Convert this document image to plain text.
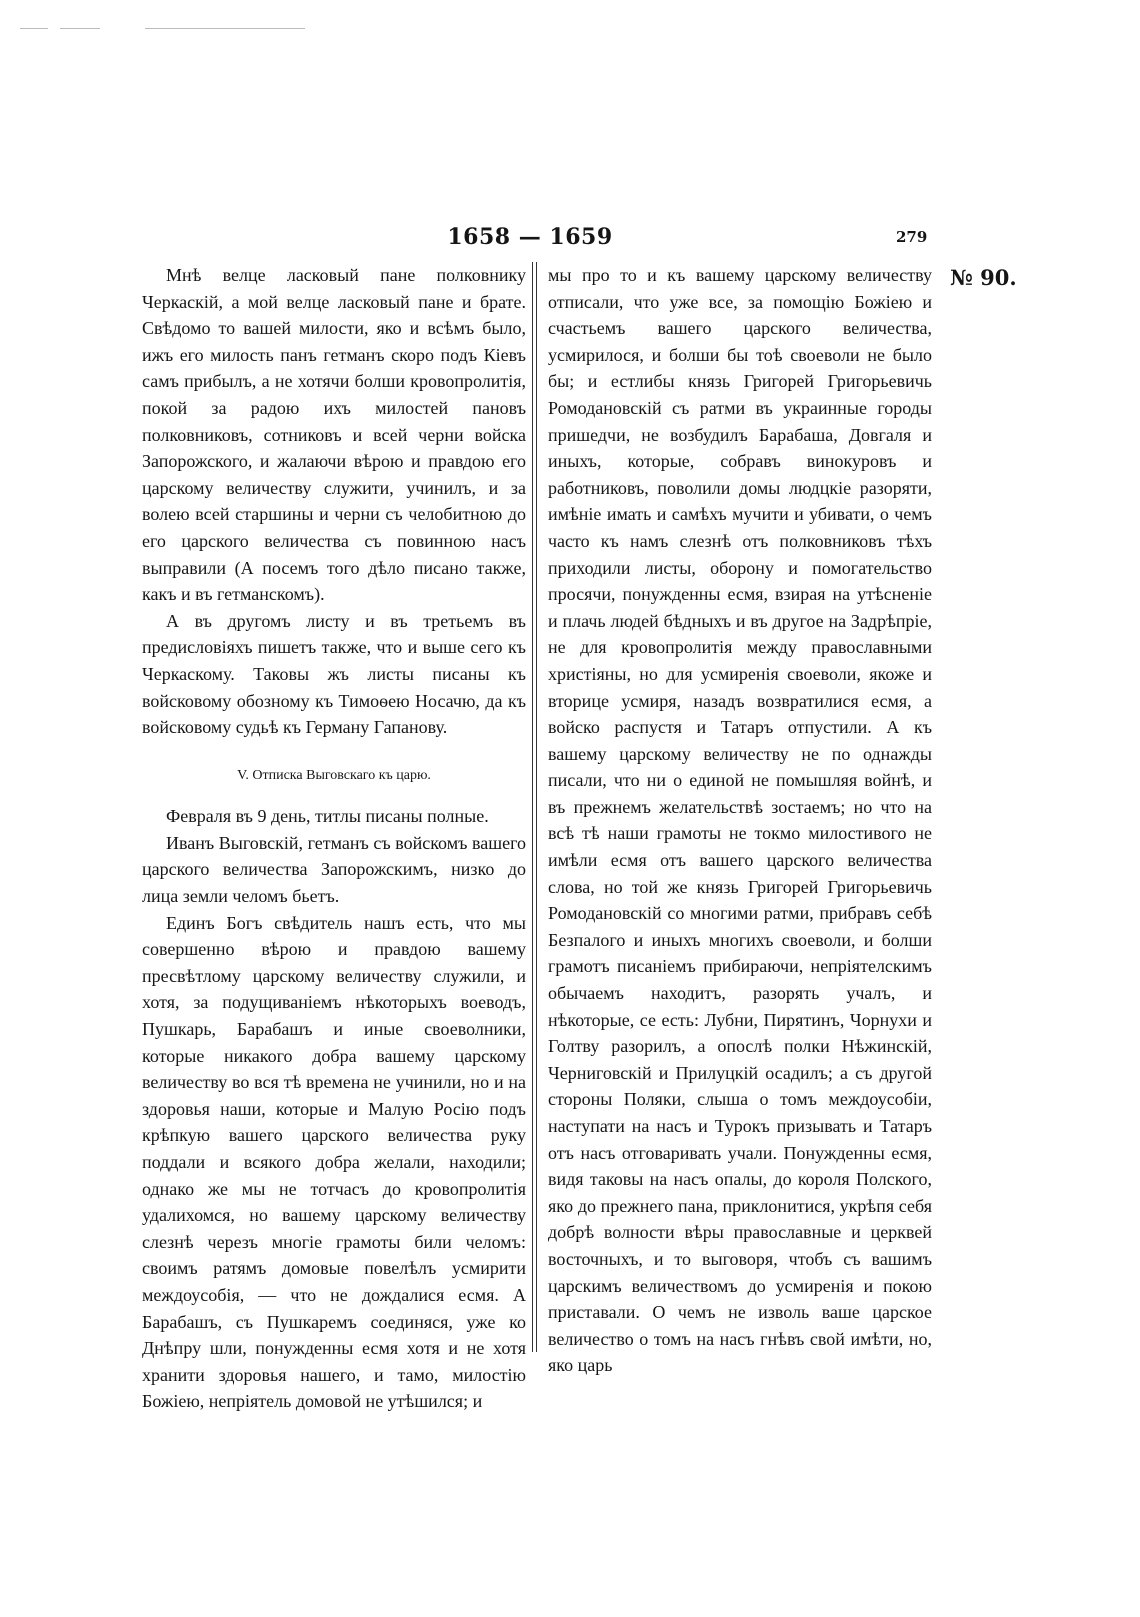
1658 — 1659	279
№ 90.

Мнѣ велце ласковый пане полковнику Черкаскій, а мой велце ласковый пане и брате. Свѣдомо то вашей милости, яко и всѣмъ было, ижъ его милость панъ гетманъ скоро подъ Кіевъ самъ прибылъ, а не хотячи болши кровопролитія, покой за радою ихъ милостей пановъ полковниковъ, сотниковъ и всей черни войска Запорожского, и жалаючи вѣрою и правдою его царскому величеству служити, учинилъ, и за волею всей старшины и черни съ челобитною до его царского величества съ повинною насъ выправили (А посемъ того дѣло писано также, какъ и въ гетманскомъ).

А въ другомъ листу и въ третьемъ въ предисловіяхъ пишетъ также, что и выше сего къ Черкаскому. Таковы жъ листы писаны къ войсковому обозному къ Тимоѳею Носачю, да къ войсковому судьѣ къ Герману Гапанову.

V. Отписка Выговскаго къ царю.

Февраля въ 9 день, титлы писаны полные.

Иванъ Выговскій, гетманъ съ войскомъ вашего царского величества Запорожскимъ, низко до лица земли челомъ бьетъ.

Единъ Богъ свѣдитель нашъ есть, что мы совершенно вѣрою и правдою вашему пресвѣтлому царскому величеству служили, и хотя, за подущиваніемъ нѣкоторыхъ воеводъ, Пушкарь, Барабашъ и иные своеволники, которые никакого добра вашему царскому величеству во вся тѣ времена не учинили, но и на здоровья наши, которые и Малую Росію подъ крѣпкую вашего царского величества руку поддали и всякого добра желали, находили; однако же мы не тотчасъ до кровопролитія удалихомся, но вашему царскому величеству слезнѣ черезъ многіе грамоты били челомъ: своимъ ратямъ домовые повелѣлъ усмирити междоусобія, — что не дождалися есмя. А Барабашъ, съ Пушкаремъ соединяся, уже ко Днѣпру шли, понужденны есмя хотя и не хотя хранити здоровья нашего, и тамо, милостію Божіею, непріятель домовой не утѣшился; и

мы про то и къ вашему царскому величеству отписали, что уже все, за помощію Божіею и счастьемъ вашего царского величества, усмирилося, и болши бы тоѣ своеволи не было бы; и естлибы князь Григорей Григорьевичь Ромодановскій съ ратми въ украинные городы пришедчи, не возбудилъ Барабаша, Довгаля и иныхъ, которые, собравъ винокуровъ и работниковъ, поволили домы людцкіе разоряти, имѣніе имать и самѣхъ мучити и убивати, о чемъ часто къ намъ слезнѣ отъ полковниковъ тѣхъ приходили листы, оборону и помогательство просячи, понужденны есмя, взирая на утѣсненіе и плачь людей бѣдныхъ и въ другое на Задрѣпріе, не для кровопролитія между православными христіяны, но для усмиренія своеволи, якоже и вторице усмиря, назадъ возвратилися есмя, а войско распустя и Татаръ отпустили. А къ вашему царскому величеству не по однажды писали, что ни о единой не помышляя войнѣ, и въ прежнемъ желательствѣ зостаемъ; но что на всѣ тѣ наши грамоты не токмо милостивого не имѣли есмя отъ вашего царского величества слова, но той же князь Григорей Григорьевичь Ромодановскій со многими ратми, прибравъ себѣ Безпалого и иныхъ многихъ своеволи, и болши грамотъ писаніемъ прибираючи, непріятелскимъ обычаемъ находитъ, разорять учалъ, и нѣкоторые, се есть: Лубни, Пирятинъ, Чорнухи и Голтву разорилъ, а опослѣ полки Нѣжинскій, Черниговскій и Прилуцкій осадилъ; а съ другой стороны Поляки, слыша о томъ междоусобіи, наступати на насъ и Турокъ призывать и Татаръ отъ насъ отговаривать учали. Понужденны есмя, видя таковы на насъ опалы, до короля Полского, яко до прежнего пана, приклонитися, укрѣпя себя добрѣ волности вѣры православные и церквей восточныхъ, и то выговоря, чтобъ съ вашимъ царскимъ величествомъ до усмиренія и покою приставали. О чемъ не изволь ваше царское величество о томъ на насъ гнѣвъ свой имѣти, но, яко царь
